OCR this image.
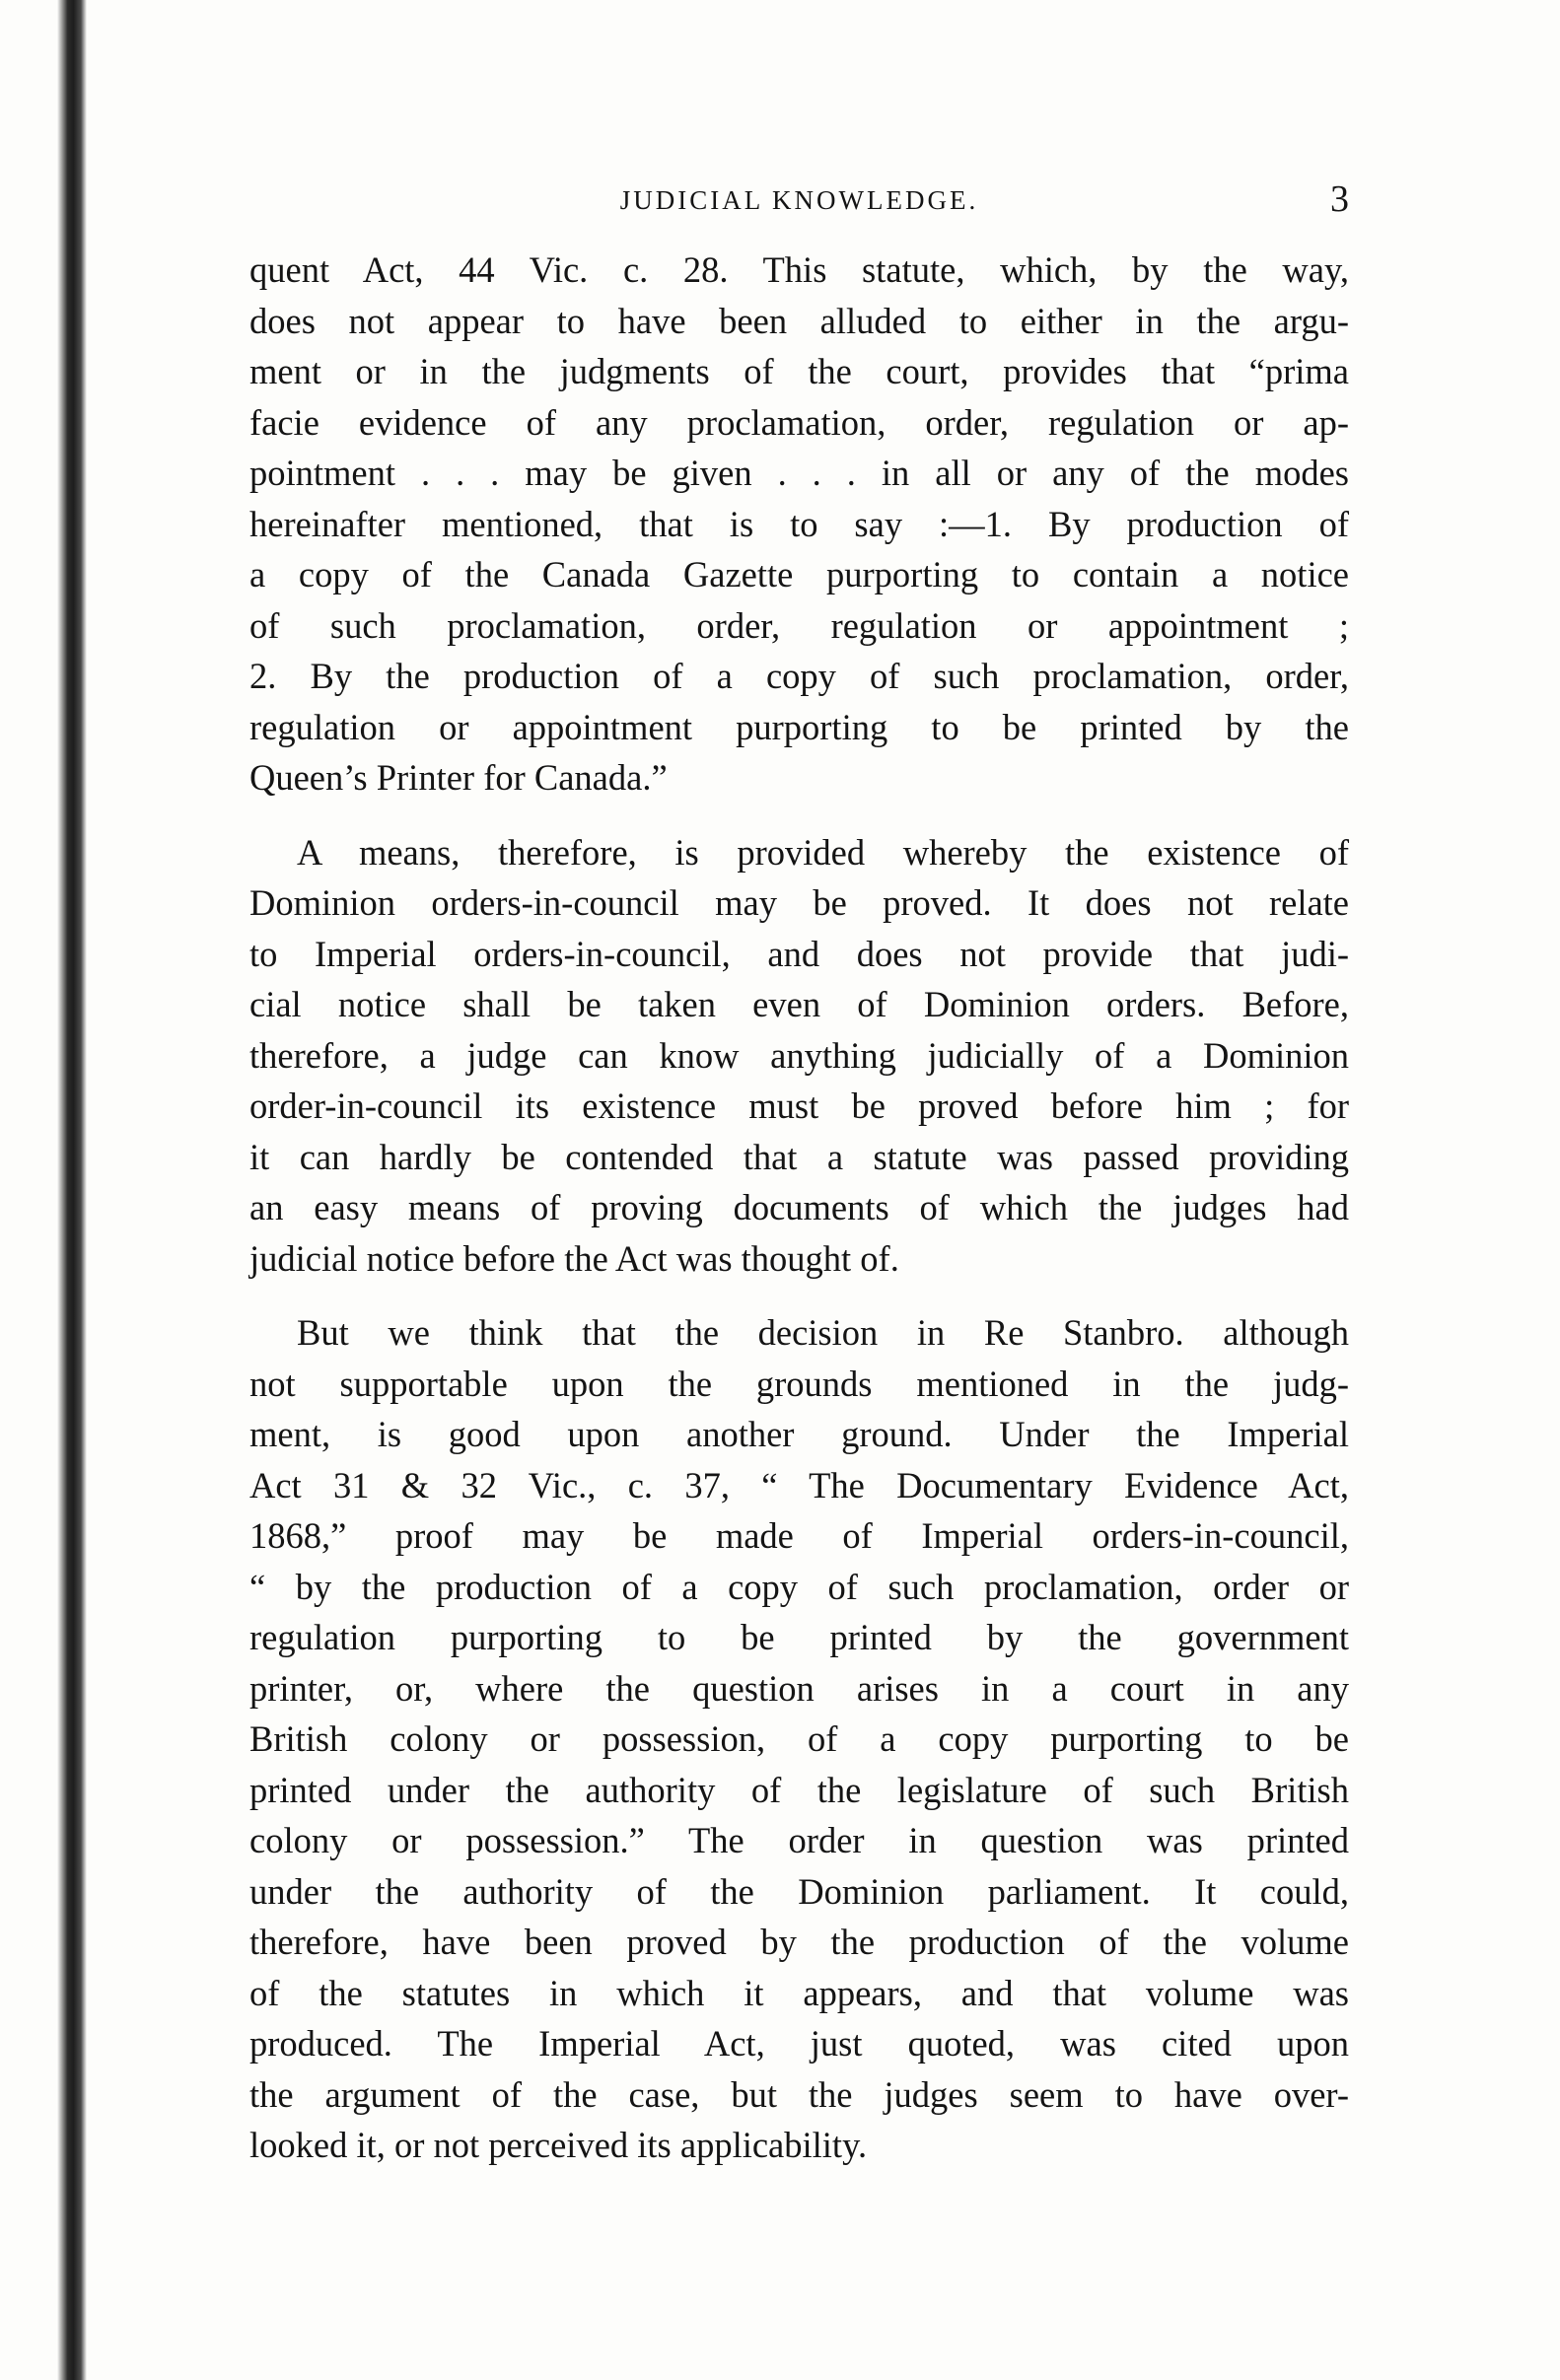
JUDICIAL KNOWLEDGE.	3
quent Act, 44 Vic. c. 28. This statute, which, by the way,
does not appear to have been alluded to either in the argu-
ment or in the judgments of the court, provides that “prima
facie evidence of any proclamation, order, regulation or ap-
pointment . . . may be given . . . in all or any of the modes
hereinafter mentioned, that is to say :—1. By production of
a copy of the Canada Gazette purporting to contain a notice
of such proclamation, order, regulation or appointment ;
2. By the production of a copy of such proclamation, order,
regulation or appointment purporting to be printed by the
Queen’s Printer for Canada.”
A means, therefore, is provided whereby the existence of
Dominion orders-in-council may be proved. It does not relate
to Imperial orders-in-council, and does not provide that judi-
cial notice shall be taken even of Dominion orders. Before,
therefore, a judge can know anything judicially of a Dominion
order-in-council its existence must be proved before him ; for
it can hardly be contended that a statute was passed providing
an easy means of proving documents of which the judges had
judicial notice before the Act was thought of.
But we think that the decision in Re Stanbro. although
not supportable upon the grounds mentioned in the judg-
ment, is good upon another ground. Under the Imperial
Act 31 & 32 Vic., c. 37, “ The Documentary Evidence Act,
1868,” proof may be made of Imperial orders-in-council,
“ by the production of a copy of such proclamation, order or
regulation purporting to be printed by the government
printer, or, where the question arises in a court in any
British colony or possession, of a copy purporting to be
printed under the authority of the legislature of such British
colony or possession.” The order in question was printed
under the authority of the Dominion parliament. It could,
therefore, have been proved by the production of the volume
of the statutes in which it appears, and that volume was
produced. The Imperial Act, just quoted, was cited upon
the argument of the case, but the judges seem to have over-
looked it, or not perceived its applicability.
